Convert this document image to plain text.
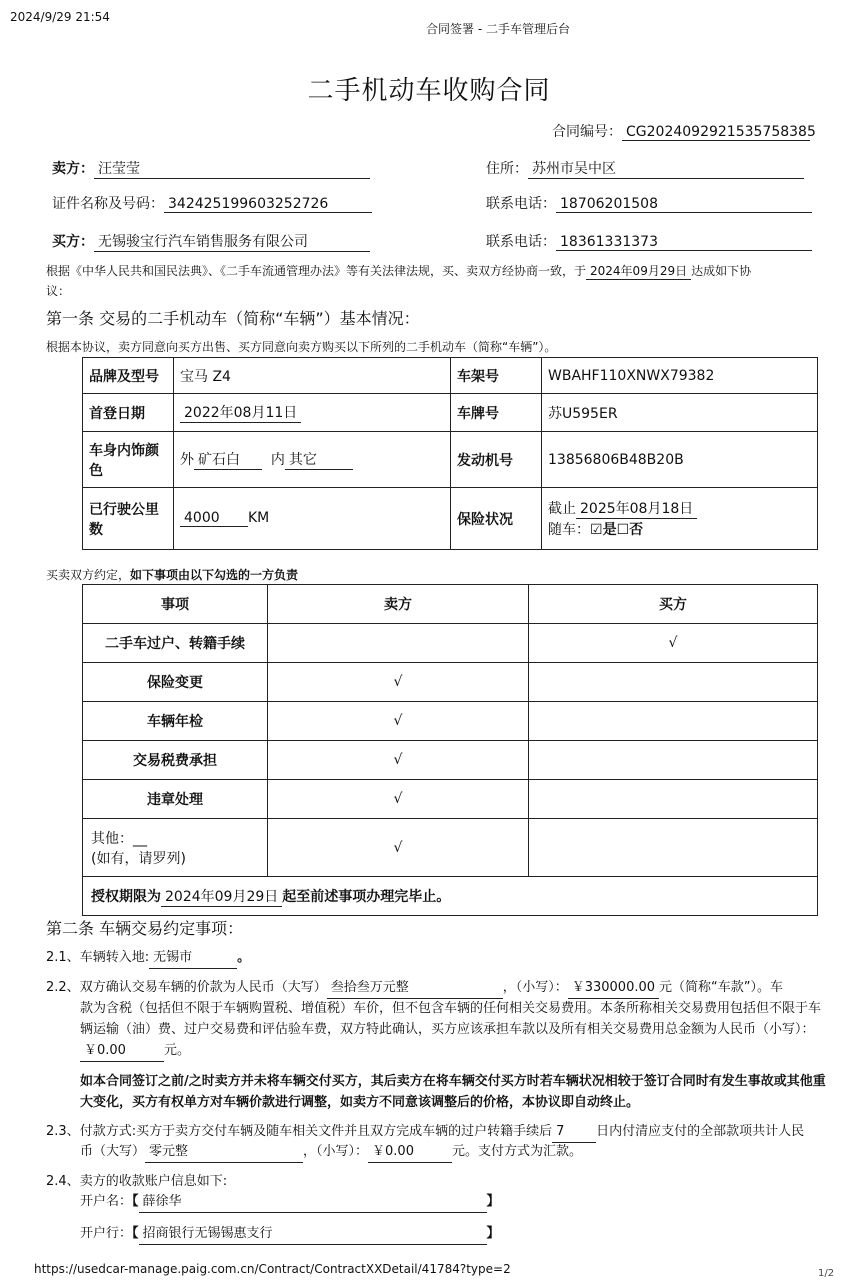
2024/9/29 21:54
合同签署 - 二手车管理后台
二手机动车收购合同
合同编号： CG2024092921535758385
卖方： 汪莹莹	住所： 苏州市吴中区
证件名称及号码： 342425199603252726	联系电话： 18706201508
买方： 无锡骏宝行汽车销售服务有限公司	联系电话： 18361331373
根据《中华人民共和国民法典》、《二手车流通管理办法》等有关法律法规，买、卖双方经协商一致，于 2024年09月29日 达成如下协
议：
第一条 交易的二手机动车（简称“车辆”）基本情况：
根据本协议，卖方同意向买方出售、买方同意向卖方购买以下所列的二手机动车（简称“车辆”）。
品牌及型号	宝马 Z4	车架号	WBAHF110XNWX79382
首登日期	2022年08月11日	车牌号	苏U595ER
车身内饰颜色	外 矿石白 内 其它	发动机号	13856806B48B20B
已行驶公里数	4000 KM	保险状况	截止 2025年08月18日
随车：☑是☐否
买卖双方约定，如下事项由以下勾选的一方负责
事项	卖方	买方
二手车过户、转籍手续		√
保险变更	√	
车辆年检	√	
交易税费承担	√	
违章处理	√	

其他：__
(如有，请罗列)	√	
授权期限为 2024年09月29日 起至前述事项办理完毕止。		
第二条 车辆交易约定事项：
2.1、车辆转入地: 无锡市	。
2.2、双方确认交易车辆的价款为人民币（大写） 叁拾叁万元整	，（小写）： ￥330000.00 元（简称“车款”）。车
款为含税（包括但不限于车辆购置税、增值税）车价，但不包含车辆的任何相关交易费用。本条所称相关交易费用包括但不限于车
辆运输（油）费、过户交易费和评估验车费，双方特此确认，买方应该承担车款以及所有相关交易费用总金额为人民币（小写）：
￥0.00	元。
如本合同签订之前/之时卖方并未将车辆交付买方，其后卖方在将车辆交付买方时若车辆状况相较于签订合同时有发生事故或其他重
大变化，买方有权单方对车辆价款进行调整，如卖方不同意该调整后的价格，本协议即自动终止。
2.3、付款方式:买方于卖方交付车辆及随车相关文件并且双方完成车辆的过户转籍手续后 7 日内付清应支付的全部款项共计人民
币（大写） 零元整	，（小写）： ￥0.00	元。支付方式为汇款。
2.4、卖方的收款账户信息如下:
开户名：【 薛徐华	】
开户行：【 招商银行无锡锡惠支行	】
https://usedcar-manage.paig.com.cn/Contract/ContractXXDetail/41784?type=2	1/2
